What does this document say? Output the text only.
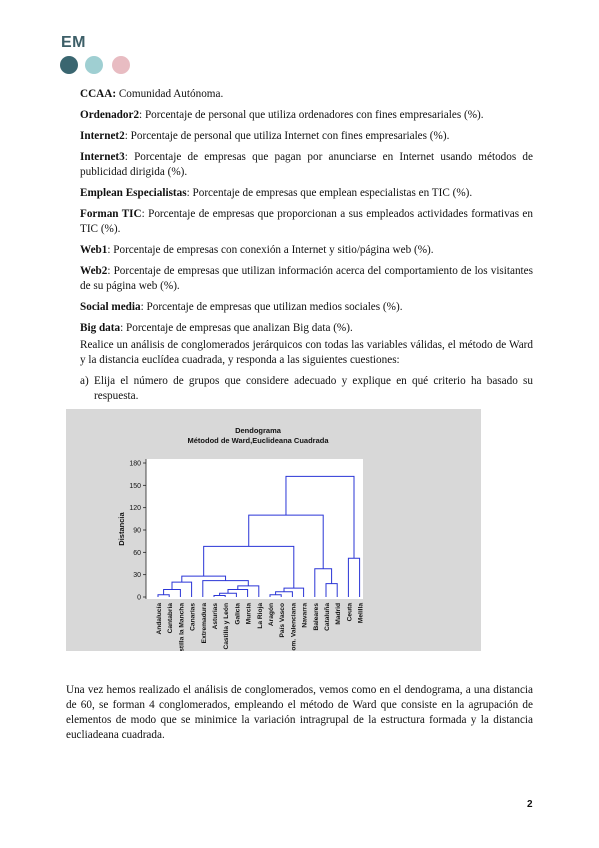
EM

CCAA: Comunidad Autónoma.

Ordenador2: Porcentaje de personal que utiliza ordenadores con fines empresariales (%).

Internet2: Porcentaje de personal que utiliza Internet con fines empresariales (%).

Internet3: Porcentaje de empresas que pagan por anunciarse en Internet usando métodos de publicidad dirigida (%).

Emplean Especialistas: Porcentaje de empresas que emplean especialistas en TIC (%).

Forman TIC: Porcentaje de empresas que proporcionan a sus empleados actividades formativas en TIC (%).

Web1: Porcentaje de empresas con conexión a Internet y sitio/página web (%).

Web2: Porcentaje de empresas que utilizan información acerca del comportamiento de los visitantes de su página web (%).

Social media: Porcentaje de empresas que utilizan medios sociales (%).

Big data: Porcentaje de empresas que analizan Big data (%).

Realice un análisis de conglomerados jerárquicos con todas las variables válidas, el método de Ward y la distancia euclídea cuadrada, y responda a las siguientes cuestiones:

a) Elija el número de grupos que considere adecuado y explique en qué criterio ha basado su respuesta.
Dendograma
Métodod de Ward,Euclideana Cuadrada
Distancia
0
30
60
90
120
150
180
Andalucía Cantabria Castilla la Mancha Canarias Extremadura Asturias Castilla y León Galicia Murcia La Rioja Aragón País Vasco Com. Valenciana Navarra Baleares Cataluña Madrid Ceuta Melilla

Una vez hemos realizado el análisis de conglomerados, vemos como en el dendograma, a una distancia de 60, se forman 4 conglomerados, empleando el método de Ward que consiste en la agrupación de elementos de modo que se minimice la variación intragrupal de la estructura formada y la distancia eucliadeana cuadrada.

2
